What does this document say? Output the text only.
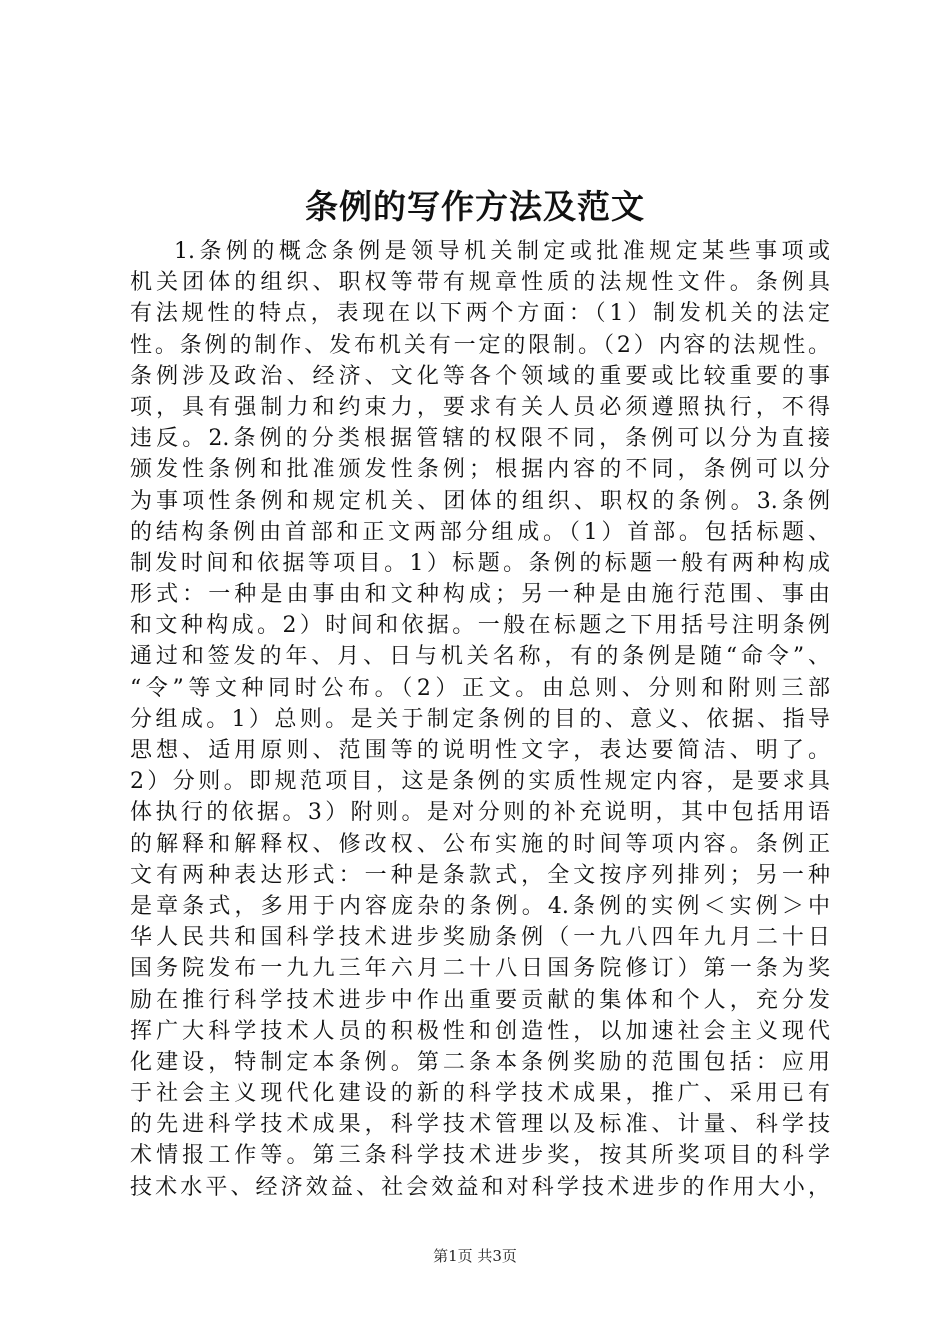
条例的写作方法及范文
1.条例的概念条例是领导机关制定或批准规定某些事项或
机关团体的组织、职权等带有规章性质的法规性文件。条例具
有法规性的特点，表现在以下两个方面：（1）制发机关的法定
性。条例的制作、发布机关有一定的限制。（2）内容的法规性。
条例涉及政治、经济、文化等各个领域的重要或比较重要的事
项，具有强制力和约束力，要求有关人员必须遵照执行，不得
违反。2.条例的分类根据管辖的权限不同，条例可以分为直接
颁发性条例和批准颁发性条例；根据内容的不同，条例可以分
为事项性条例和规定机关、团体的组织、职权的条例。3.条例
的结构条例由首部和正文两部分组成。（1）首部。包括标题、
制发时间和依据等项目。1）标题。条例的标题一般有两种构成
形式：一种是由事由和文种构成；另一种是由施行范围、事由
和文种构成。2）时间和依据。一般在标题之下用括号注明条例
通过和签发的年、月、日与机关名称，有的条例是随“命令”、
“令”等文种同时公布。（2）正文。由总则、分则和附则三部
分组成。1）总则。是关于制定条例的目的、意义、依据、指导
思想、适用原则、范围等的说明性文字，表达要简洁、明了。
2）分则。即规范项目，这是条例的实质性规定内容，是要求具
体执行的依据。3）附则。是对分则的补充说明，其中包括用语
的解释和解释权、修改权、公布实施的时间等项内容。条例正
文有两种表达形式：一种是条款式，全文按序列排列；另一种
是章条式，多用于内容庞杂的条例。4.条例的实例＜实例＞中
华人民共和国科学技术进步奖励条例（一九八四年九月二十日
国务院发布一九九三年六月二十八日国务院修订）第一条为奖
励在推行科学技术进步中作出重要贡献的集体和个人，充分发
挥广大科学技术人员的积极性和创造性，以加速社会主义现代
化建设，特制定本条例。第二条本条例奖励的范围包括：应用
于社会主义现代化建设的新的科学技术成果，推广、采用已有
的先进科学技术成果，科学技术管理以及标准、计量、科学技
术情报工作等。第三条科学技术进步奖，按其所奖项目的科学
技术水平、经济效益、社会效益和对科学技术进步的作用大小，
第1页 共3页
